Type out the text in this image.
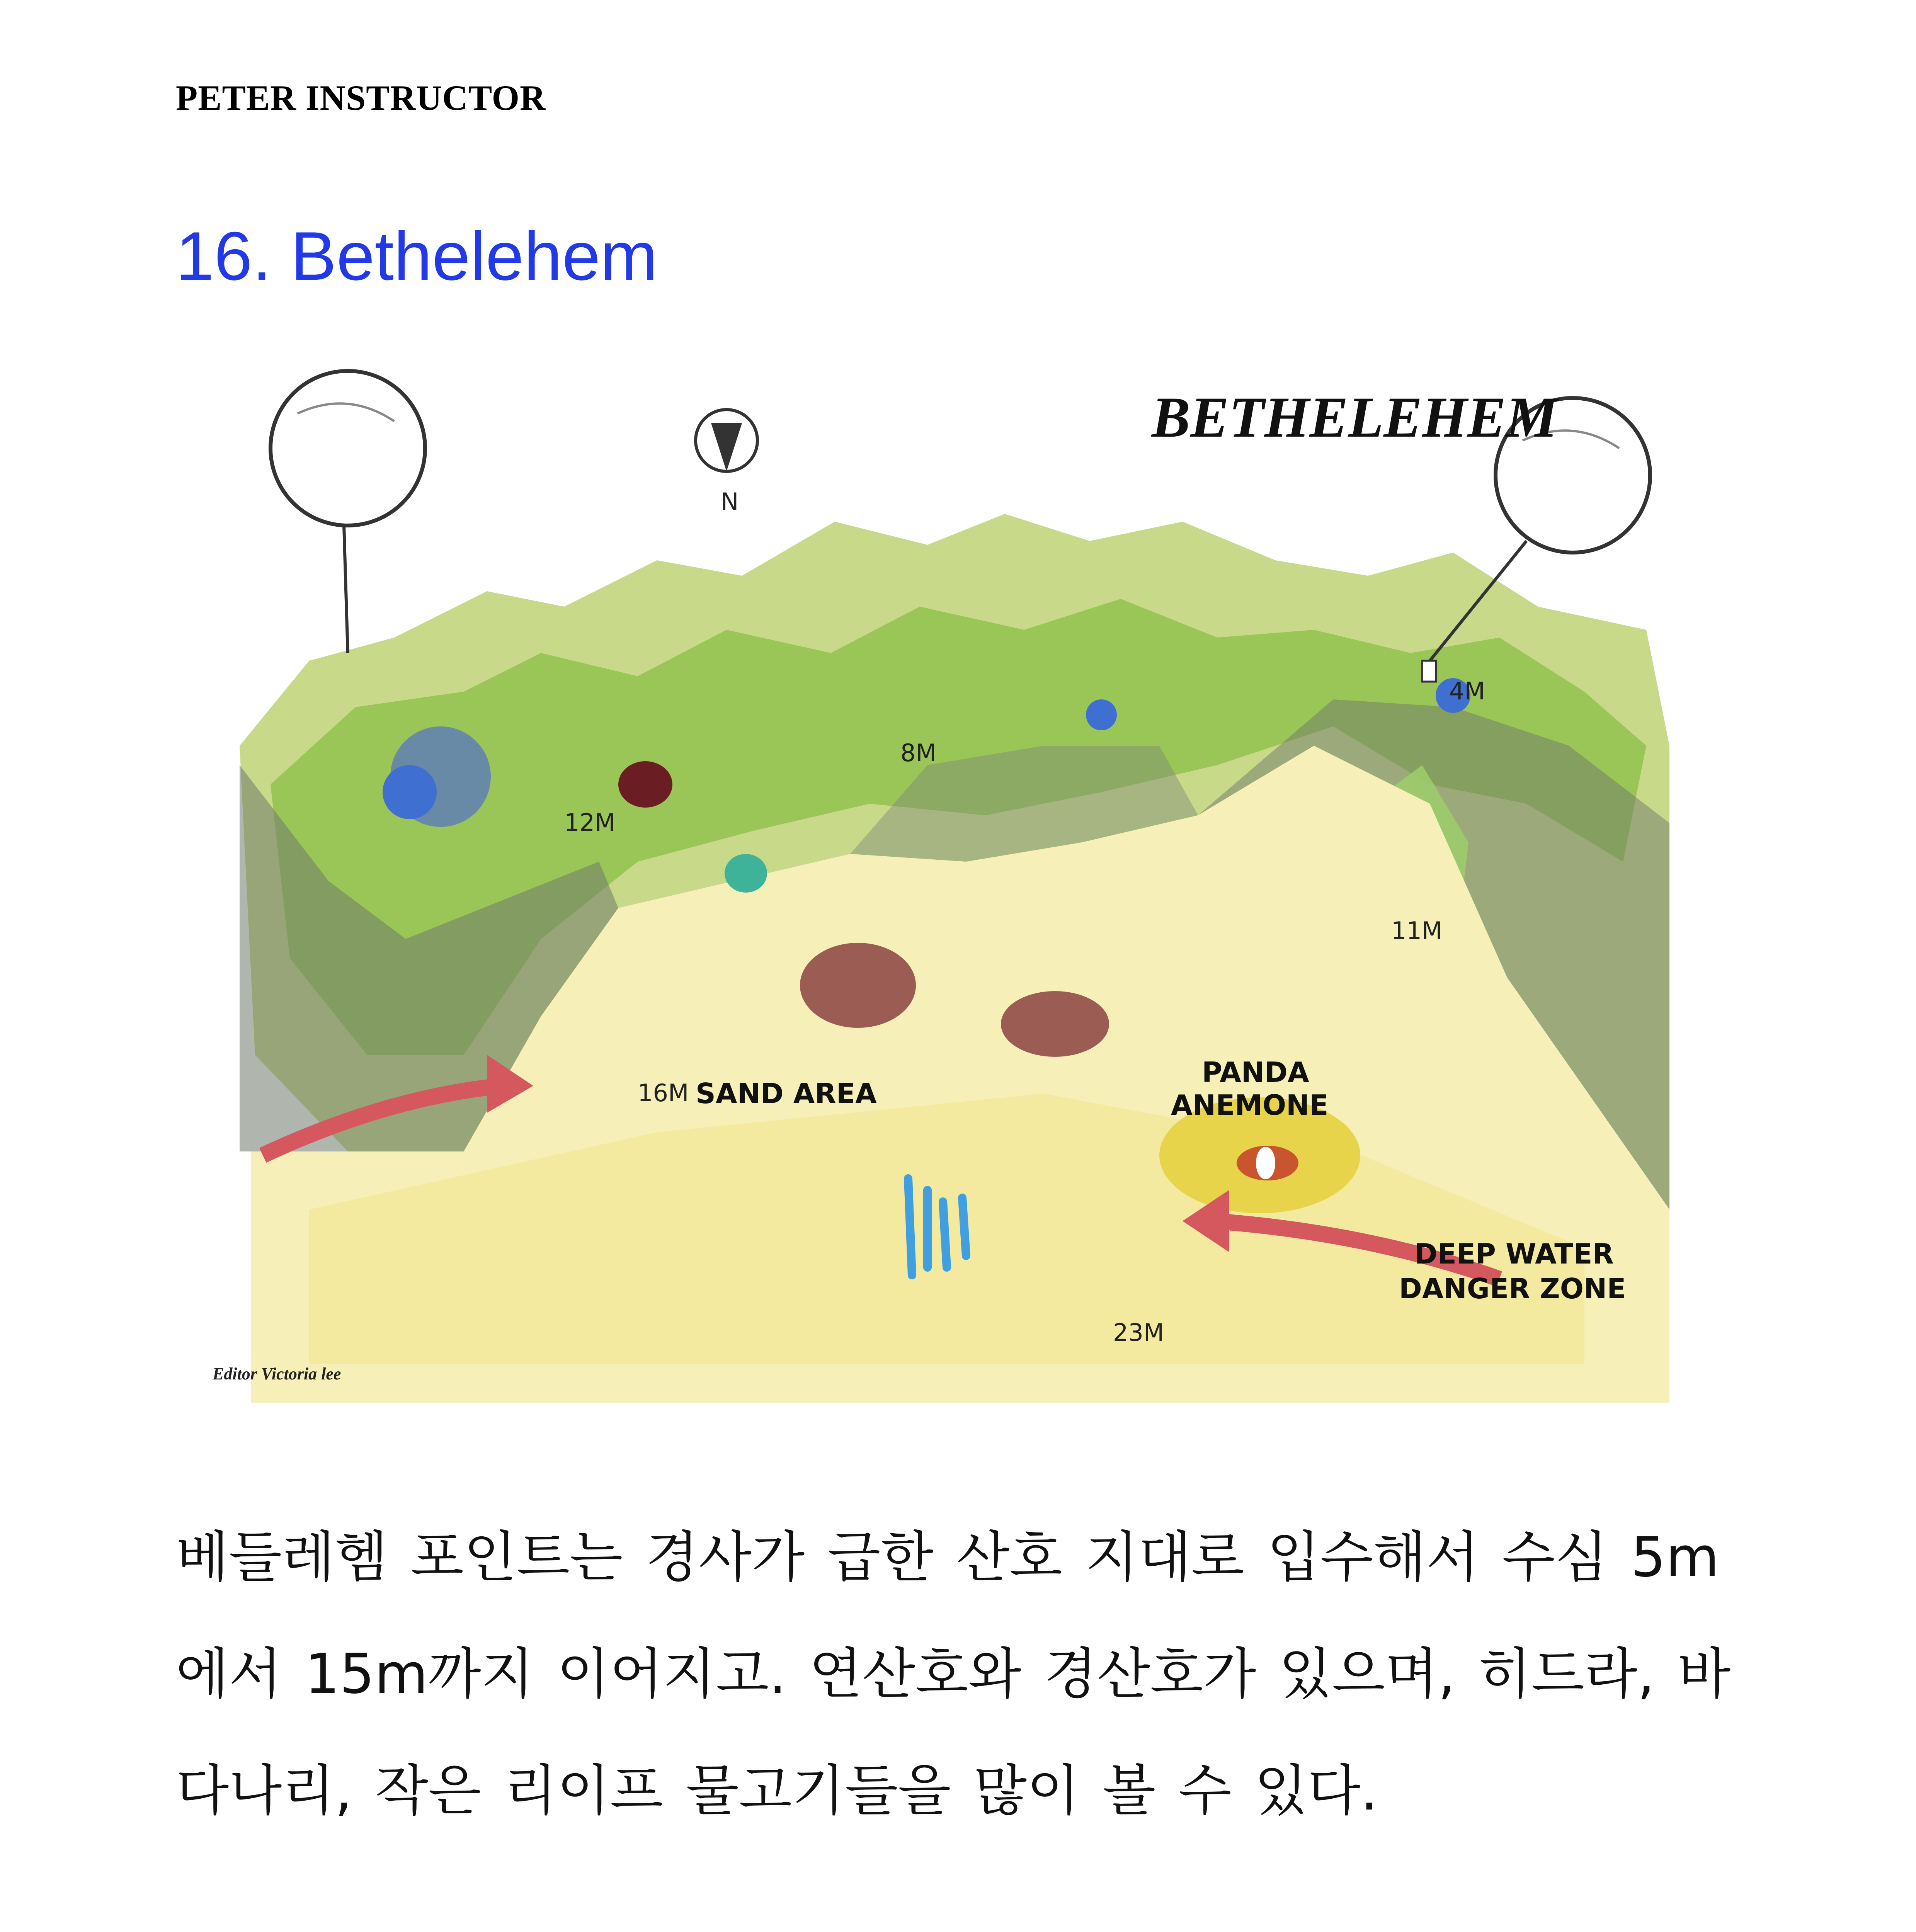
PETER INSTRUCTOR
16. Bethelehem
N
BETHELEHEM
4M
8M
12M
11M
16M
23M
SAND AREA
PANDA
ANEMONE
DEEP WATER
DANGER ZONE
Editor Victoria lee
베들레헴 포인트는 경사가 급한 산호 지대로 입수해서 수심 5m에서 15m까지 이어지고. 연산호와 경산호가 있으며, 히드라, 바다나리, 작은 리이프 물고기들을 많이 볼 수 있다.
